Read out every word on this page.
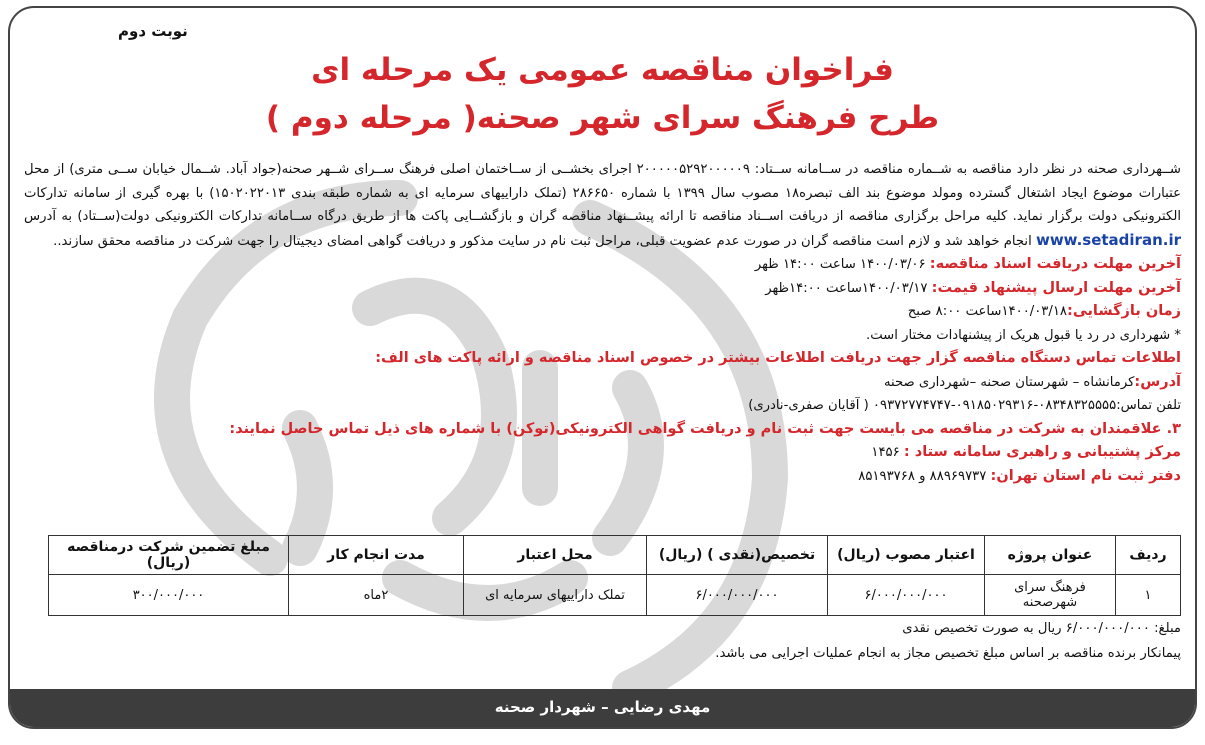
نوبت دوم
فراخوان مناقصه عمومی یک مرحله ای
طرح فرهنگ سرای شهر صحنه( مرحله دوم )

شــهرداری صحنه در نظر دارد مناقصه به شــماره مناقصه در ســامانه ســتاد: ۲۰۰۰۰۰۵۲۹۲۰۰۰۰۰۹ اجرای بخشــی از ســاختمان اصلی فرهنگ ســرای شــهر صحنه(جواد آباد. شــمال خیابان ســی متری) از محل عتبارات موضوع ایجاد اشتغال گسترده ومولد موضوع بند الف تبصره۱۸ مصوب سال ۱۳۹۹ با شماره ۲۸۶۶۵۰ (تملک داراییهای سرمایه ای به شماره طبقه بندی ۱۵۰۲۰۲۲۰۱۳) با بهره گیری از سامانه تدارکات الکترونیکی دولت برگزار نماید. کلیه مراحل برگزاری مناقصه از دریافت اســناد مناقصه تا ارائه پیشــنهاد مناقصه گران و بازگشــایی پاکت ها از طریق درگاه ســامانه تدارکات الکترونیکی دولت(ســتاد) به آدرس www.setadiran.ir انجام خواهد شد و لازم است مناقصه گران در صورت عدم عضویت قبلی، مراحل ثبت نام در سایت مذکور و دریافت گواهی امضای دیجیتال را جهت شرکت در مناقصه محقق سازند..

آخرین مهلت دریافت اسناد مناقصه: ۱۴۰۰/۰۳/۰۶ ساعت ۱۴:۰۰ ظهر

آخرین مهلت ارسال پیشنهاد قیمت: ۱۴۰۰/۰۳/۱۷ساعت ۱۴:۰۰ظهر

زمان بازگشایی:۱۴۰۰/۰۳/۱۸ساعت ۸:۰۰ صبح

* شهرداری در رد یا قبول هریک از پیشنهادات مختار است.

اطلاعات تماس دستگاه مناقصه گزار جهت دریافت اطلاعات بیشتر در خصوص اسناد مناقصه و ارائه پاکت های الف:

آدرس:کرمانشاه – شهرستان صحنه –شهرداری صحنه

تلفن تماس:۰۸۳۴۸۳۲۵۵۵۵-۰۹۱۸۵۰۲۹۳۱۶-۰۹۳۷۲۷۷۴۷۴۷ ( آقایان صفری-نادری)

۳. علاقمندان به شرکت در مناقصه می بایست جهت ثبت نام و دریافت گواهی الکترونیکی(توکن) با شماره های ذیل تماس حاصل نمایند:

مرکز پشتیبانی و راهبری سامانه ستاد : ۱۴۵۶

دفتر ثبت نام استان تهران: ۸۸۹۶۹۷۳۷ و ۸۵۱۹۳۷۶۸

ردیف	عنوان پروژه	اعتبار مصوب (ریال)	تخصیص(نقدی ) (ریال)	محل اعتبار	مدت انجام کار	مبلغ تضمین شرکت درمناقصه (ریال)
۱	فرهنگ سرای شهرصحنه	۶/۰۰۰/۰۰۰/۰۰۰	۶/۰۰۰/۰۰۰/۰۰۰	تملک داراییهای سرمایه ای	۲ماه	۳۰۰/۰۰۰/۰۰۰
مبلغ: ۶/۰۰۰/۰۰۰/۰۰۰ ریال به صورت تخصیص نقدی
پیمانکار برنده مناقصه بر اساس مبلغ تخصیص مجاز به انجام عملیات اجرایی می باشد.
مهدی رضایی – شهردار صحنه
